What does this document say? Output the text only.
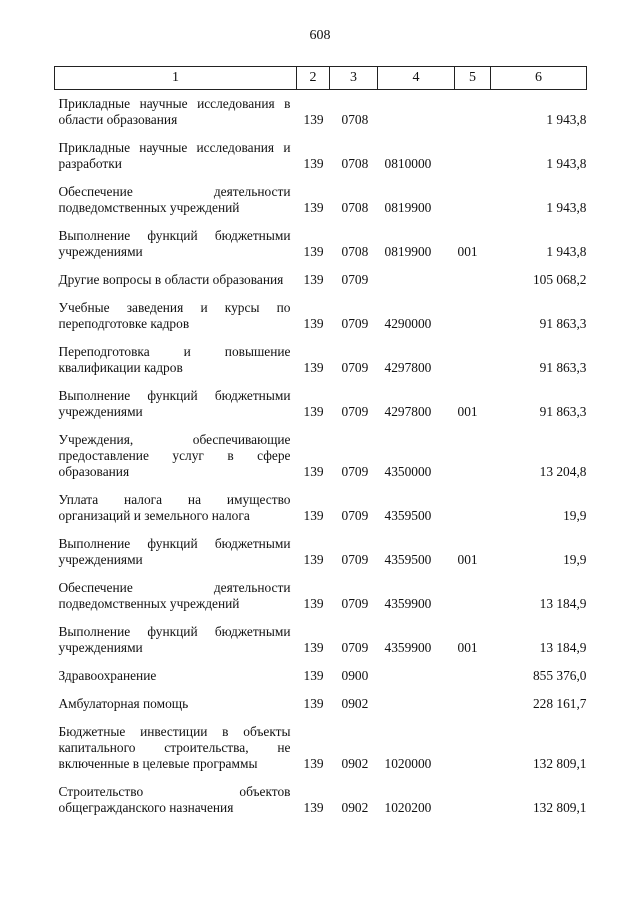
608
1	2	3	4	5	6
Прикладные научные исследования в области образования	139	0708			1 943,8
Прикладные научные исследования и разработки	139	0708	0810000		1 943,8
Обеспечение деятельности подведомственных учреждений	139	0708	0819900		1 943,8
Выполнение функций бюджетными учреждениями	139	0708	0819900	001	1 943,8
Другие вопросы в области образования	139	0709			105 068,2
Учебные заведения и курсы по переподготовке кадров	139	0709	4290000		91 863,3
Переподготовка и повышение квалификации кадров	139	0709	4297800		91 863,3
Выполнение функций бюджетными учреждениями	139	0709	4297800	001	91 863,3
Учреждения, обеспечивающие предоставление услуг в сфере образования	139	0709	4350000		13 204,8
Уплата налога на имущество организаций и земельного налога	139	0709	4359500		19,9
Выполнение функций бюджетными учреждениями	139	0709	4359500	001	19,9
Обеспечение деятельности подведомственных учреждений	139	0709	4359900		13 184,9
Выполнение функций бюджетными учреждениями	139	0709	4359900	001	13 184,9
Здравоохранение	139	0900			855 376,0
Амбулаторная помощь	139	0902			228 161,7
Бюджетные инвестиции в объекты капитального строительства, не включенные в целевые программы	139	0902	1020000		132 809,1
Строительство объектов общегражданского назначения	139	0902	1020200		132 809,1
